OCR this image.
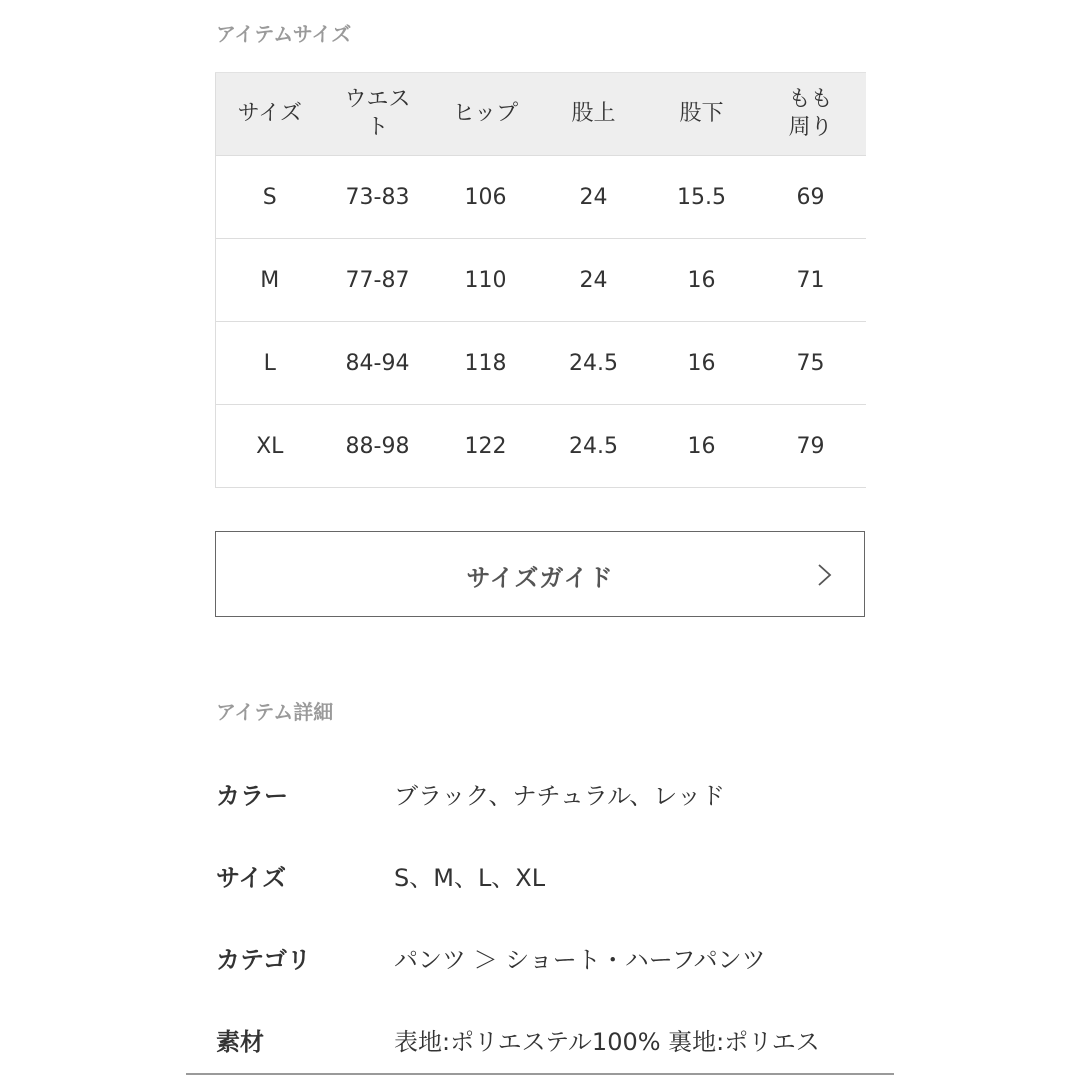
アイテムサイズ
サイズ	ウエスト	ヒップ	股上	股下	もも周り
S	73-83	106	24	15.5	69
M	77-87	110	24	16	71
L	84-94	118	24.5	16	75
XL	88-98	122	24.5	16	79
サイズガイド
アイテム詳細
カラー	ブラック、ナチュラル、レッド
サイズ	S、M、L、XL
カテゴリ	パンツ ＞ ショート・ハーフパンツ
素材	表地:ポリエステル100% 裏地:ポリエス
